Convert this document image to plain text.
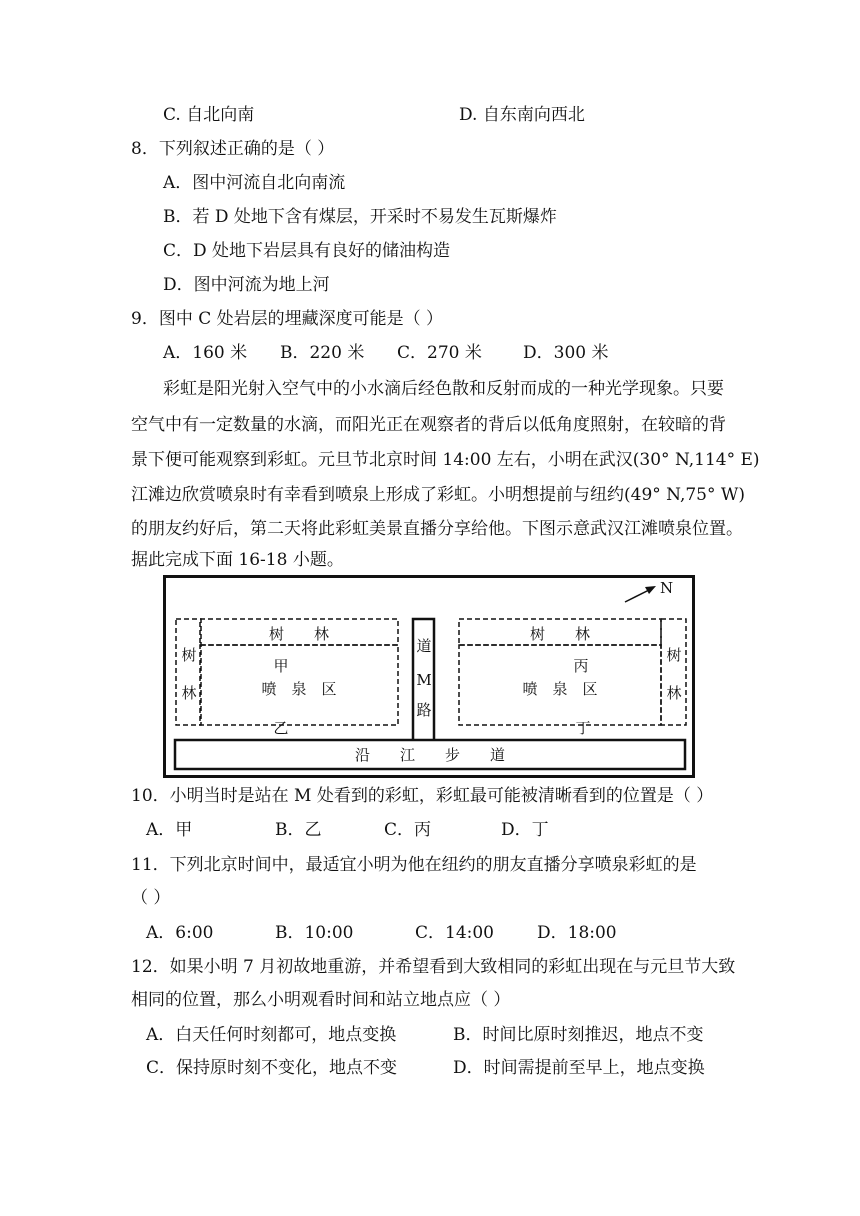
C. 自北向南	D. 自东南向西北
8．下列叙述正确的是（ ）
A．图中河流自北向南流
B．若 D 处地下含有煤层，开采时不易发生瓦斯爆炸
C．D 处地下岩层具有良好的储油构造
D．图中河流为地上河
9．图中 C 处岩层的埋藏深度可能是（ ）
A．160 米 B．220 米 C．270 米 D．300 米
彩虹是阳光射入空气中的小水滴后经色散和反射而成的一种光学现象。只要
空气中有一定数量的水滴，而阳光正在观察者的背后以低角度照射，在较暗的背
景下便可能观察到彩虹。元旦节北京时间 14:00 左右，小明在武汉(30° N,114° E)
江滩边欣赏喷泉时有幸看到喷泉上形成了彩虹。小明想提前与纽约(49° N,75° W)
的朋友约好后，第二天将此彩虹美景直播分享给他。下图示意武汉江滩喷泉位置。
据此完成下面 16-18 小题。
N
树　　林	树　　林
树
林
树
林
甲	丙
喷　泉　区	喷　泉　区
乙	丁
道
M
路
沿　　江　　步　　道
10．小明当时是站在 M 处看到的彩虹，彩虹最可能被清晰看到的位置是（ ）
A．甲	B．乙	C．丙	D．丁
11．下列北京时间中，最适宜小明为他在纽约的朋友直播分享喷泉彩虹的是
（ ）
A．6:00	B．10:00	C．14:00	D．18:00
12．如果小明 7 月初故地重游，并希望看到大致相同的彩虹出现在与元旦节大致
相同的位置，那么小明观看时间和站立地点应（ ）
A．白天任何时刻都可，地点变换	B．时间比原时刻推迟，地点不变
C．保持原时刻不变化，地点不变	D．时间需提前至早上，地点变换
